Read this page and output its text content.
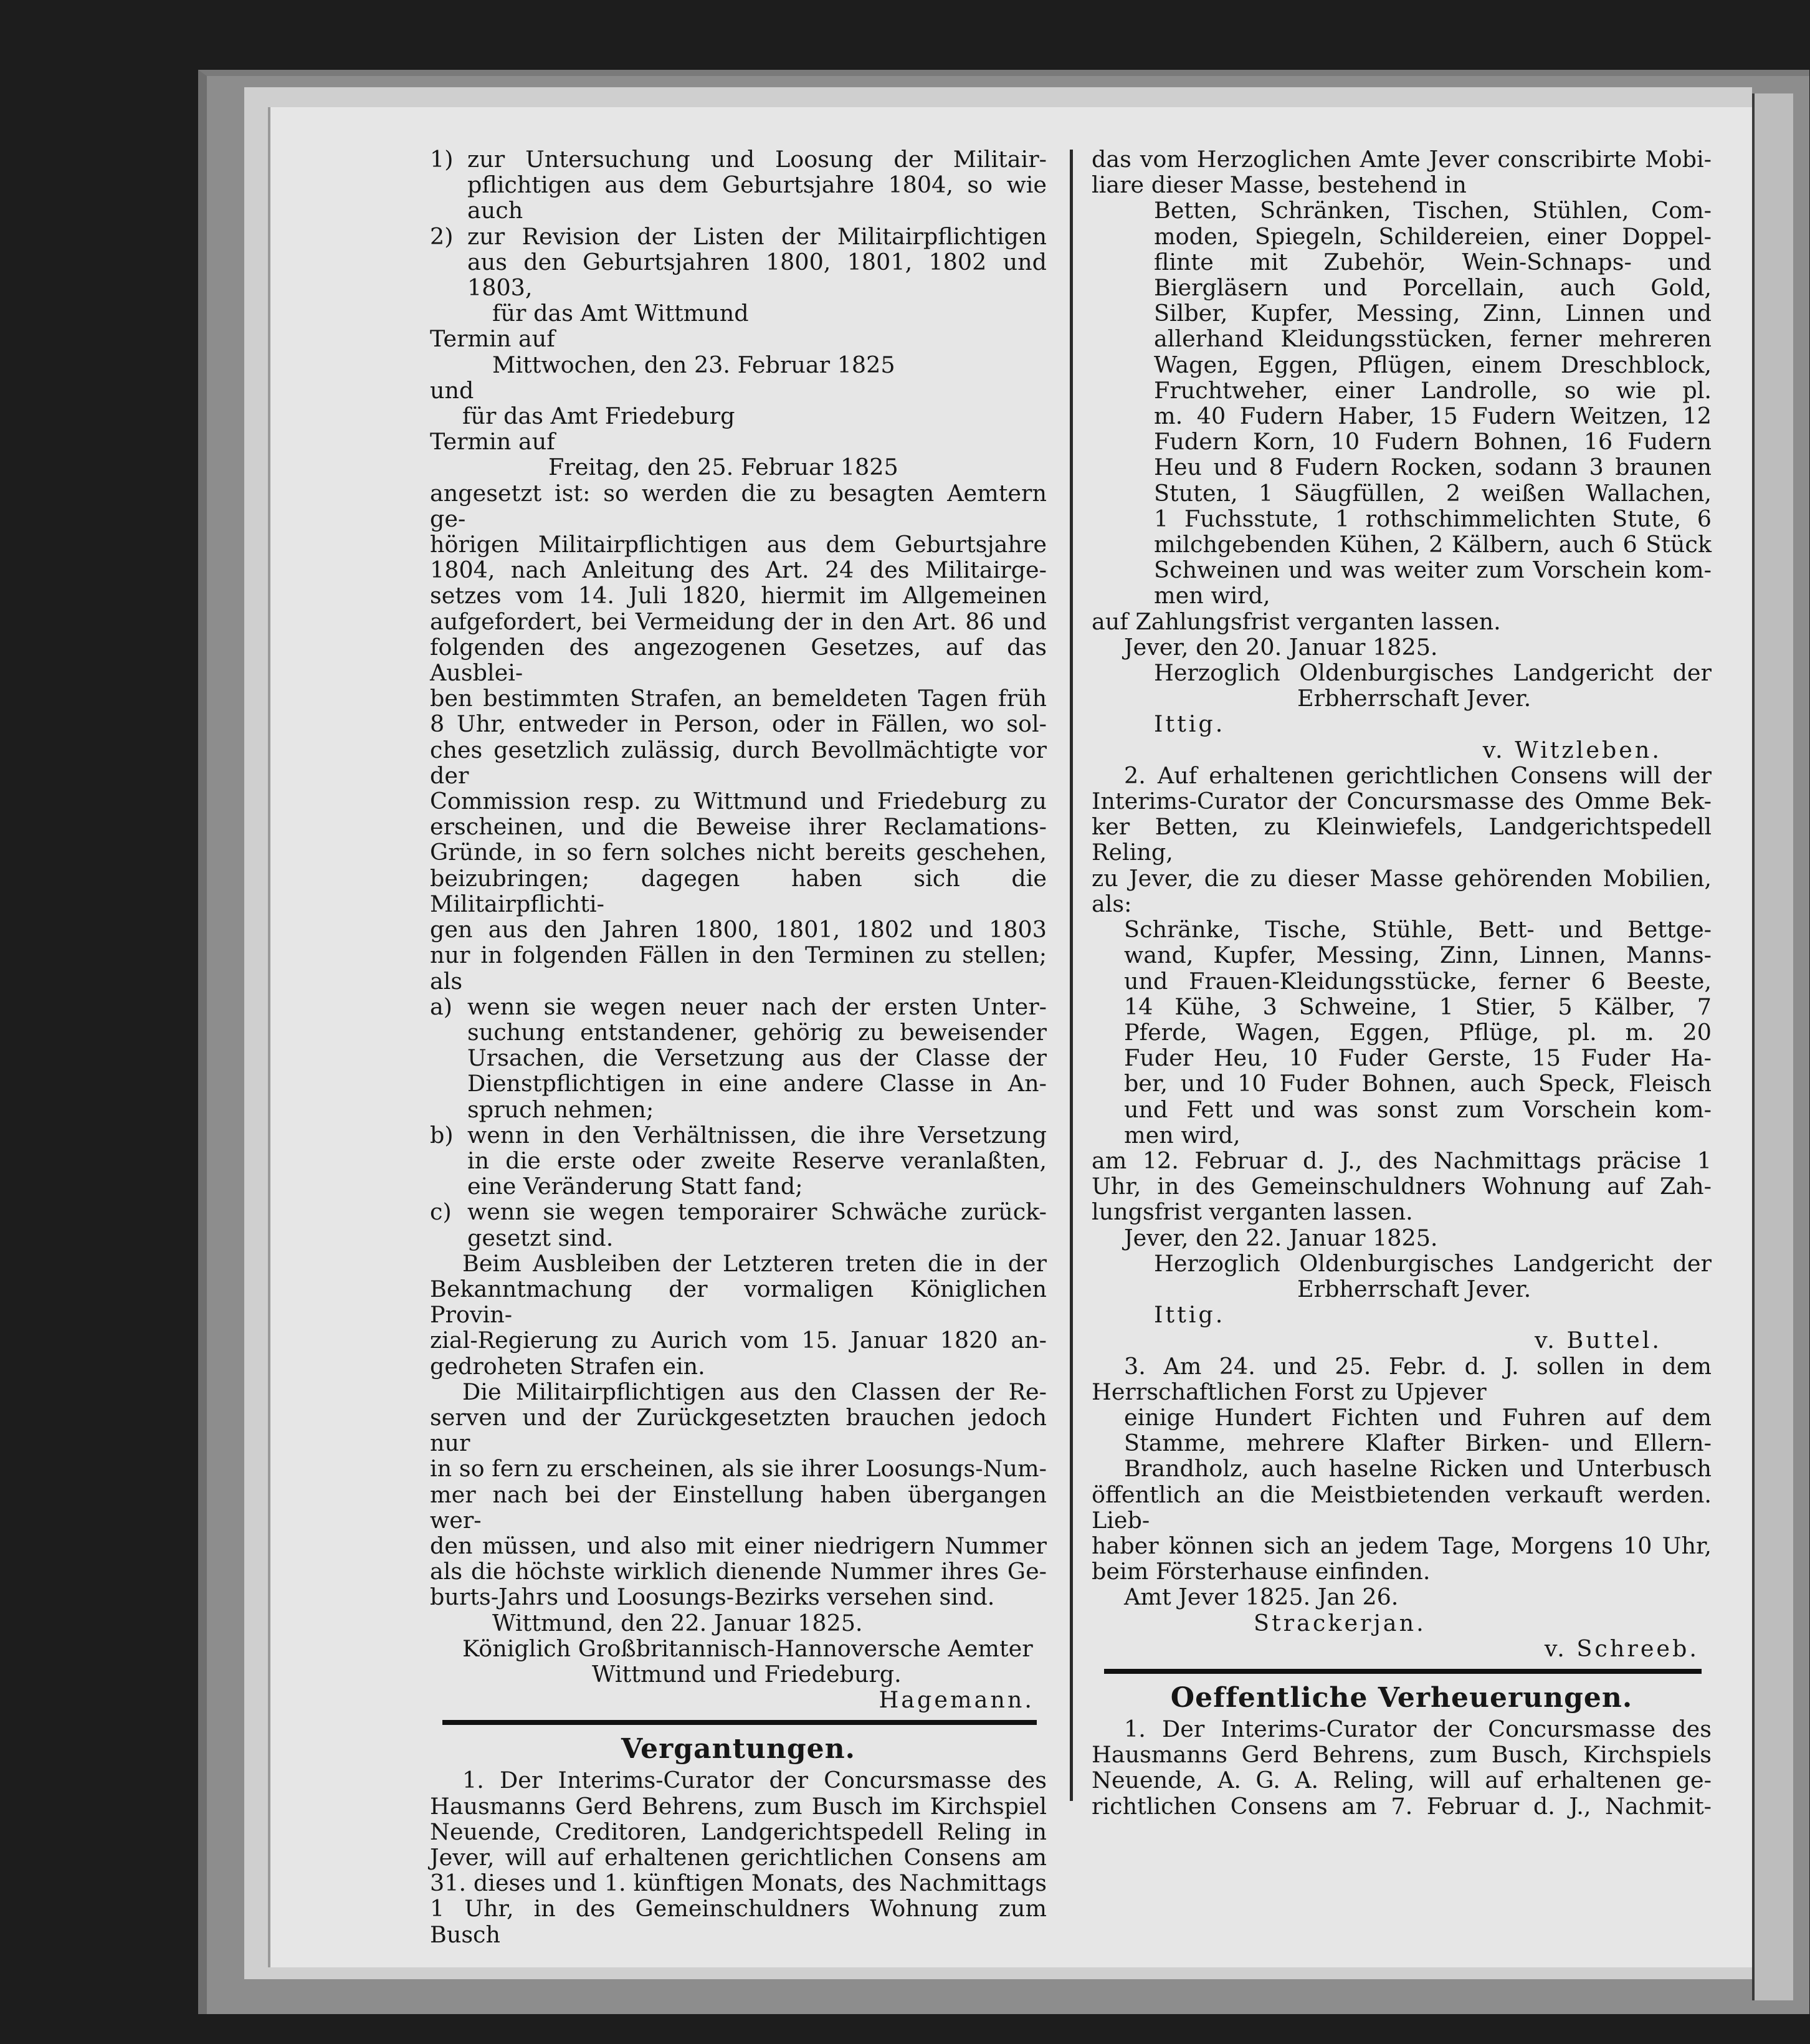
1) zur Untersuchung und Loosung der Militair-

pflichtigen aus dem Geburtsjahre 1804, so wie

auch

2) zur Revision der Listen der Militairpflichtigen

aus den Geburtsjahren 1800, 1801, 1802 und

1803,

für das Amt Wittmund

Termin auf

Mittwochen, den 23. Februar 1825

und

für das Amt Friedeburg

Termin auf

Freitag, den 25. Februar 1825

angesetzt ist: so werden die zu besagten Aemtern ge-

hörigen Militairpflichtigen aus dem Geburtsjahre

1804, nach Anleitung des Art. 24 des Militairge-

setzes vom 14. Juli 1820, hiermit im Allgemeinen

aufgefordert, bei Vermeidung der in den Art. 86 und

folgenden des angezogenen Gesetzes, auf das Ausblei-

ben bestimmten Strafen, an bemeldeten Tagen früh

8 Uhr, entweder in Person, oder in Fällen, wo sol-

ches gesetzlich zulässig, durch Bevollmächtigte vor der

Commission resp. zu Wittmund und Friedeburg zu

erscheinen, und die Beweise ihrer Reclamations-

Gründe, in so fern solches nicht bereits geschehen,

beizubringen; dagegen haben sich die Militairpflichti-

gen aus den Jahren 1800, 1801, 1802 und 1803

nur in folgenden Fällen in den Terminen zu stellen;

als

a) wenn sie wegen neuer nach der ersten Unter-

suchung entstandener, gehörig zu beweisender

Ursachen, die Versetzung aus der Classe der

Dienstpflichtigen in eine andere Classe in An-

spruch nehmen;

b) wenn in den Verhältnissen, die ihre Versetzung

in die erste oder zweite Reserve veranlaßten,

eine Veränderung Statt fand;

c) wenn sie wegen temporairer Schwäche zurück-

gesetzt sind.

Beim Ausbleiben der Letzteren treten die in der

Bekanntmachung der vormaligen Königlichen Provin-

zial-Regierung zu Aurich vom 15. Januar 1820 an-

gedroheten Strafen ein.

Die Militairpflichtigen aus den Classen der Re-

serven und der Zurückgesetzten brauchen jedoch nur

in so fern zu erscheinen, als sie ihrer Loosungs-Num-

mer nach bei der Einstellung haben übergangen wer-

den müssen, und also mit einer niedrigern Nummer

als die höchste wirklich dienende Nummer ihres Ge-

burts-Jahrs und Loosungs-Bezirks versehen sind.

Wittmund, den 22. Januar 1825.

Königlich Großbritannisch-Hannoversche Aemter

Wittmund und Friedeburg.

Hagemann.

Vergantungen.

1. Der Interims-Curator der Concursmasse des

Hausmanns Gerd Behrens, zum Busch im Kirchspiel

Neuende, Creditoren, Landgerichtspedell Reling in

Jever, will auf erhaltenen gerichtlichen Consens am

31. dieses und 1. künftigen Monats, des Nachmittags

1 Uhr, in des Gemeinschuldners Wohnung zum Busch

das vom Herzoglichen Amte Jever conscribirte Mobi-

liare dieser Masse, bestehend in

Betten, Schränken, Tischen, Stühlen, Com-

moden, Spiegeln, Schildereien, einer Doppel-

flinte mit Zubehör, Wein-Schnaps- und

Biergläsern und Porcellain, auch Gold,

Silber, Kupfer, Messing, Zinn, Linnen und

allerhand Kleidungsstücken, ferner mehreren

Wagen, Eggen, Pflügen, einem Dreschblock,

Fruchtweher, einer Landrolle, so wie pl.

m. 40 Fudern Haber, 15 Fudern Weitzen, 12

Fudern Korn, 10 Fudern Bohnen, 16 Fudern

Heu und 8 Fudern Rocken, sodann 3 braunen

Stuten, 1 Säugfüllen, 2 weißen Wallachen,

1 Fuchsstute, 1 rothschimmelichten Stute, 6

milchgebenden Kühen, 2 Kälbern, auch 6 Stück

Schweinen und was weiter zum Vorschein kom-

men wird,

auf Zahlungsfrist verganten lassen.

Jever, den 20. Januar 1825.

Herzoglich Oldenburgisches Landgericht der

Erbherrschaft Jever.

Ittig.

v. Witzleben.

2. Auf erhaltenen gerichtlichen Consens will der

Interims-Curator der Concursmasse des Omme Bek-

ker Betten, zu Kleinwiefels, Landgerichtspedell Reling,

zu Jever, die zu dieser Masse gehörenden Mobilien,

als:

Schränke, Tische, Stühle, Bett- und Bettge-

wand, Kupfer, Messing, Zinn, Linnen, Manns-

und Frauen-Kleidungsstücke, ferner 6 Beeste,

14 Kühe, 3 Schweine, 1 Stier, 5 Kälber, 7

Pferde, Wagen, Eggen, Pflüge, pl. m. 20

Fuder Heu, 10 Fuder Gerste, 15 Fuder Ha-

ber, und 10 Fuder Bohnen, auch Speck, Fleisch

und Fett und was sonst zum Vorschein kom-

men wird,

am 12. Februar d. J., des Nachmittags präcise 1

Uhr, in des Gemeinschuldners Wohnung auf Zah-

lungsfrist verganten lassen.

Jever, den 22. Januar 1825.

Herzoglich Oldenburgisches Landgericht der

Erbherrschaft Jever.

Ittig.

v. Buttel.

3. Am 24. und 25. Febr. d. J. sollen in dem

Herrschaftlichen Forst zu Upjever

einige Hundert Fichten und Fuhren auf dem

Stamme, mehrere Klafter Birken- und Ellern-

Brandholz, auch haselne Ricken und Unterbusch

öffentlich an die Meistbietenden verkauft werden. Lieb-

haber können sich an jedem Tage, Morgens 10 Uhr,

beim Försterhause einfinden.

Amt Jever 1825. Jan 26.

Strackerjan.

v. Schreeb.

Oeffentliche Verheuerungen.

1. Der Interims-Curator der Concursmasse des

Hausmanns Gerd Behrens, zum Busch, Kirchspiels

Neuende, A. G. A. Reling, will auf erhaltenen ge-

richtlichen Consens am 7. Februar d. J., Nachmit-
